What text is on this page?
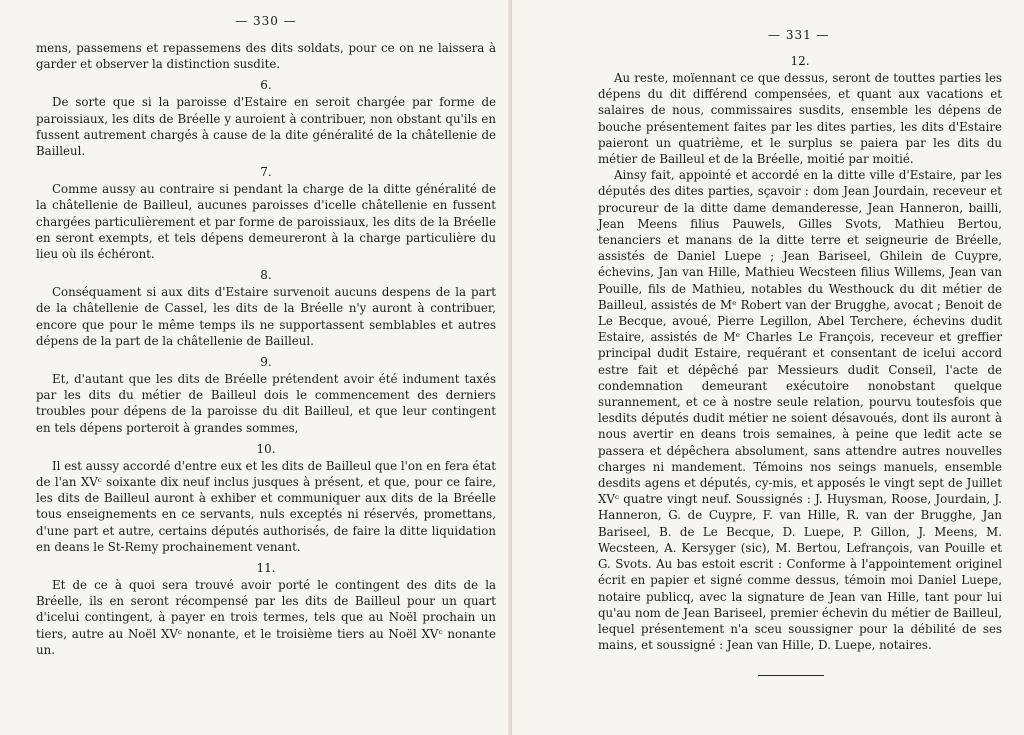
— 330 —

mens, passemens et repassemens des dits soldats, pour ce on ne laissera à garder et observer la distinction susdite.

6.

De sorte que si la paroisse d'Estaire en seroit chargée par forme de paroissiaux, les dits de Bréelle y auroient à contribuer, non obstant qu'ils en fussent autrement chargés à cause de la dite généralité de la châtellenie de Bailleul.

7.

Comme aussy au contraire si pendant la charge de la ditte généralité de la châtellenie de Bailleul, aucunes paroisses d'icelle châtellenie en fussent chargées particulièrement et par forme de paroissiaux, les dits de la Bréelle en seront exempts, et tels dépens demeureront à la charge particulière du lieu où ils échéront.

8.

Conséquament si aux dits d'Estaire survenoit aucuns despens de la part de la châtellenie de Cassel, les dits de la Bréelle n'y auront à contribuer, encore que pour le même temps ils ne supportassent semblables et autres dépens de la part de la châtellenie de Bailleul.

9.

Et, d'autant que les dits de Bréelle prétendent avoir été indument taxés par les dits du métier de Bailleul dois le commencement des derniers troubles pour dépens de la paroisse du dit Bailleul, et que leur contingent en tels dépens porteroit à grandes sommes,

10.

Il est aussy accordé d'entre eux et les dits de Bailleul que l'on en fera état de l'an XVᶜ soixante dix neuf inclus jusques à présent, et que, pour ce faire, les dits de Bailleul auront à exhiber et communiquer aux dits de la Bréelle tous enseignements en ce servants, nuls exceptés ni réservés, promettans, d'une part et autre, certains députés authorisés, de faire la ditte liquidation en deans le St-Remy prochainement venant.

11.

Et de ce à quoi sera trouvé avoir porté le contingent des dits de la Bréelle, ils en seront récompensé par les dits de Bailleul pour un quart d'icelui contingent, à payer en trois termes, tels que au Noël prochain un tiers, autre au Noël XVᶜ nonante, et le troisième tiers au Noël XVᶜ nonante un.

— 331 —
12.

Au reste, moïennant ce que dessus, seront de touttes parties les dépens du dit différend compensées, et quant aux vacations et salaires de nous, commissaires susdits, ensemble les dépens de bouche présentement faites par les dites parties, les dits d'Estaire paieront un quatrième, et le surplus se paiera par les dits du métier de Bailleul et de la Bréelle, moitié par moitié.

Ainsy fait, appointé et accordé en la ditte ville d'Estaire, par les députés des dites parties, sçavoir : dom Jean Jourdain, receveur et procureur de la ditte dame demanderesse, Jean Hanneron, bailli, Jean Meens filius Pauwels, Gilles Svots, Mathieu Bertou, tenanciers et manans de la ditte terre et seigneurie de Bréelle, assistés de Daniel Luepe ; Jean Bariseel, Ghilein de Cuypre, échevins, Jan van Hille, Mathieu Wecsteen filius Willems, Jean van Pouille, fils de Mathieu, notables du Westhouck du dit métier de Bailleul, assistés de Mᵉ Robert van der Brugghe, avocat ; Benoit de Le Becque, avoué, Pierre Legillon, Abel Terchere, échevins dudit Estaire, assistés de Mᵉ Charles Le François, receveur et greffier principal dudit Estaire, requérant et consentant de icelui accord estre fait et dépêché par Messieurs dudit Conseil, l'acte de condemnation demeurant exécutoire nonobstant quelque surannement, et ce à nostre seule relation, pourvu toutesfois que lesdits députés dudit métier ne soient désavoués, dont ils auront à nous avertir en deans trois semaines, à peine que ledit acte se passera et dépêchera absolument, sans attendre autres nouvelles charges ni mandement. Témoins nos seings manuels, ensemble desdits agens et députés, cy-mis, et apposés le vingt sept de Juillet XVᶜ quatre vingt neuf. Soussignés : J. Huysman, Roose, Jourdain, J. Hanneron, G. de Cuypre, F. van Hille, R. van der Brugghe, Jan Bariseel, B. de Le Becque, D. Luepe, P. Gillon, J. Meens, M. Wecsteen, A. Kersyger (sic), M. Bertou, Lefrançois, van Pouille et G. Svots. Au bas estoit escrit : Conforme à l'appointement originel écrit en papier et signé comme dessus, témoin moi Daniel Luepe, notaire publicq, avec la signature de Jean van Hille, tant pour lui qu'au nom de Jean Bariseel, premier échevin du métier de Bailleul, lequel présentement n'a sceu soussigner pour la débilité de ses mains, et soussigné : Jean van Hille, D. Luepe, notaires.
